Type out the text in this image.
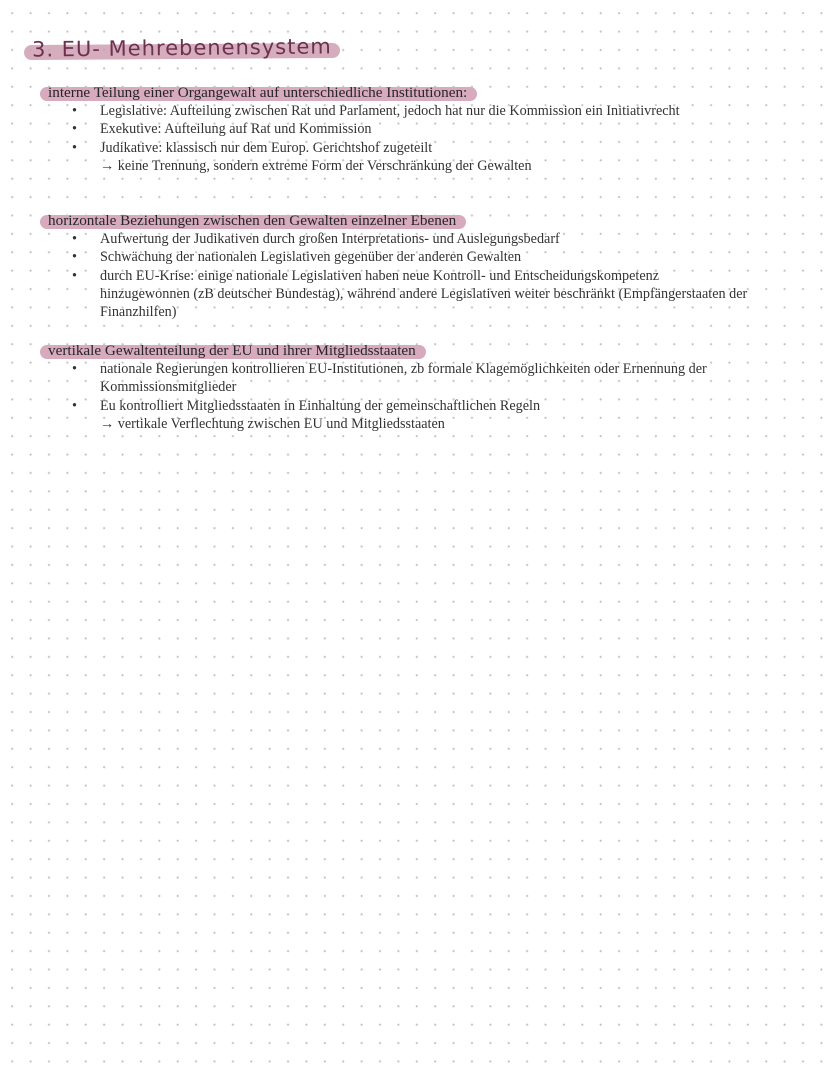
3. EU- Mehrebenensystem
interne Teilung einer Organgewalt auf unterschiedliche Institutionen:
• Legislative: Aufteilung zwischen Rat und Parlament, jedoch hat nur die Kommission ein Initiativrecht
• Exekutive: Aufteilung auf Rat und Kommission
• Judikative: klassisch nur dem Europ. Gerichtshof zugeteilt
→ keine Trennung, sondern extreme Form der Verschränkung der Gewalten
horizontale Beziehungen zwischen den Gewalten einzelner Ebenen
• Aufwertung der Judikativen durch großen Interpretations- und Auslegungsbedarf
• Schwächung der nationalen Legislativen gegenüber der anderen Gewalten
• durch EU-Krise: einige nationale Legislativen haben neue Kontroll- und Entscheidungskompetenz hinzugewonnen (zB deutscher Bundestag), während andere Legislativen weiter beschränkt (Empfängerstaaten der Finanzhilfen)
vertikale Gewaltenteilung der EU und ihrer Mitgliedsstaaten
• nationale Regierungen kontrollieren EU-Institutionen, zb formale Klagemöglichkeiten oder Ernennung der Kommissionsmitglieder
• Eu kontrolliert Mitgliedsstaaten in Einhaltung der gemeinschaftlichen Regeln
→ vertikale Verflechtung zwischen EU und Mitgliedsstaaten
